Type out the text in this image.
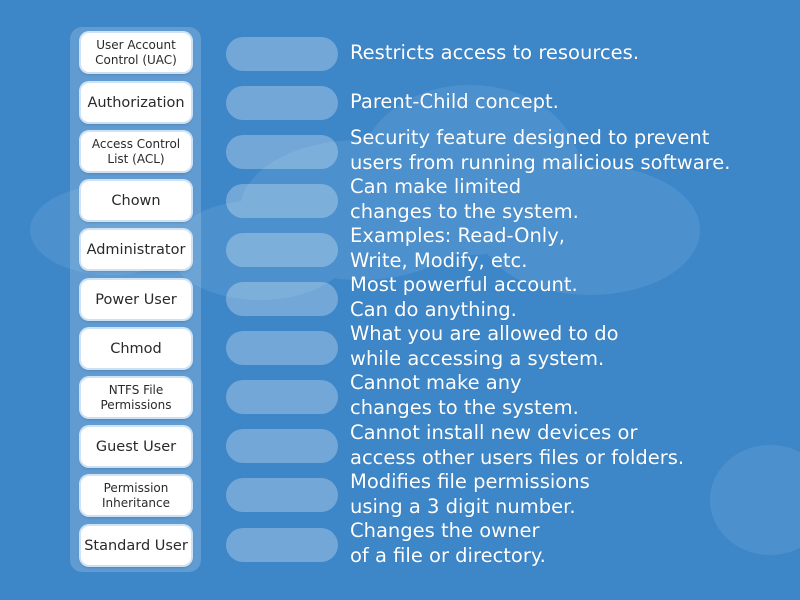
User Account Control (UAC)
Authorization
Access Control List (ACL)
Chown
Administrator
Power User
Chmod
NTFS File Permissions
Guest User
Permission Inheritance
Standard User
Restricts access to resources.
Parent-Child concept.
Security feature designed to prevent
users from running malicious software.
Can make limited
changes to the system.
Examples: Read-Only,
Write, Modify, etc.
Most powerful account.
Can do anything.
What you are allowed to do
while accessing a system.
Cannot make any
changes to the system.
Cannot install new devices or
access other users files or folders.
Modifies file permissions
using a 3 digit number.
Changes the owner
of a file or directory.
